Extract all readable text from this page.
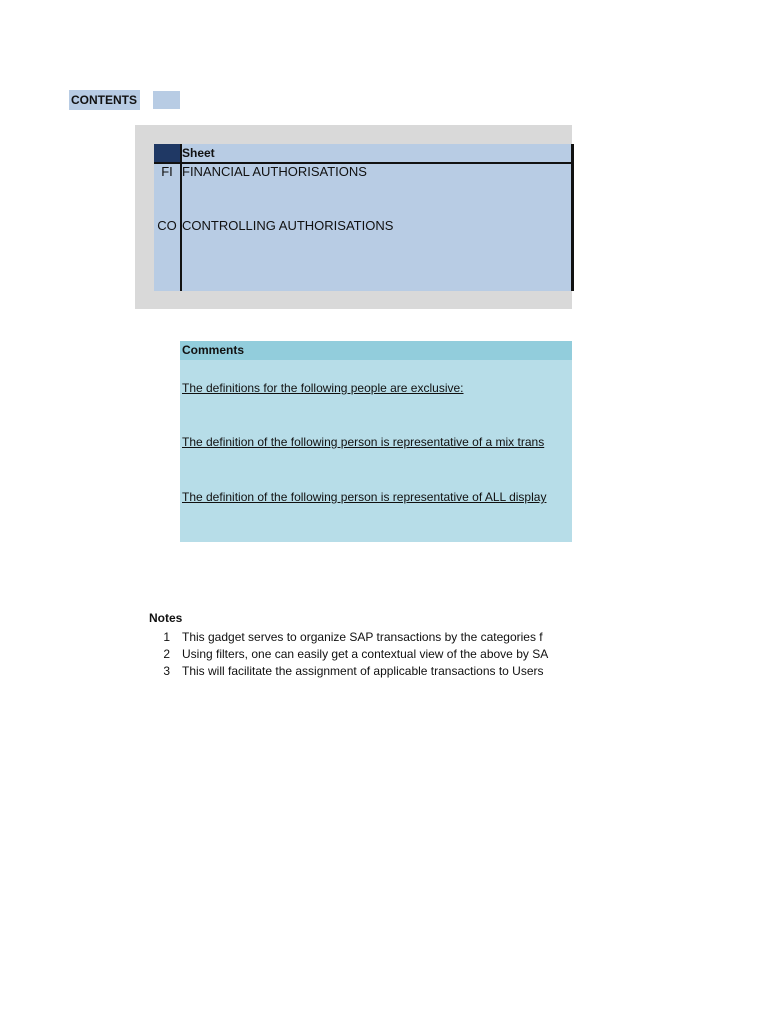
CONTENTS
Sheet
FI FINANCIAL AUTHORISATIONS
CO CONTROLLING AUTHORISATIONS
Comments
The definitions for the following people are exclusive:
The definition of the following person is representative of a mix trans
The definition of the following person is representative of ALL display
Notes
1 This gadget serves to organize SAP transactions by the categories f
2 Using filters, one can easily get a contextual view of the above by SA
3 This will facilitate the assignment of applicable transactions to Users
